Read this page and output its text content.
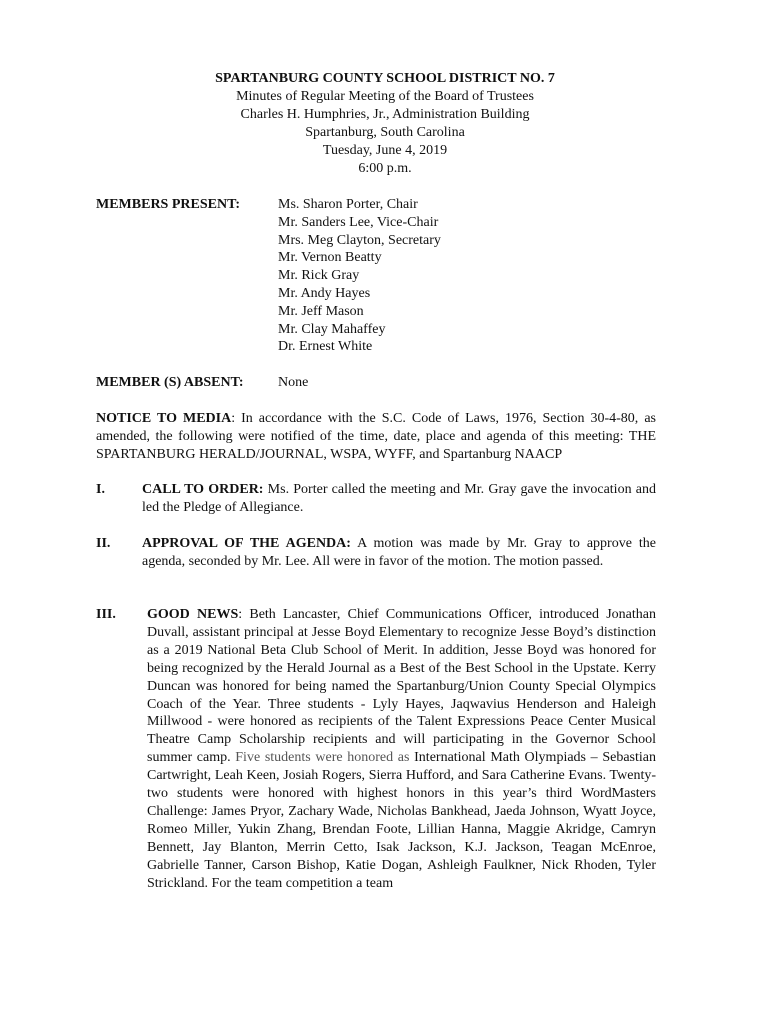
SPARTANBURG COUNTY SCHOOL DISTRICT NO. 7
Minutes of Regular Meeting of the Board of Trustees
Charles H. Humphries, Jr., Administration Building
Spartanburg, South Carolina
Tuesday, June 4, 2019
6:00 p.m.
MEMBERS PRESENT:	Ms. Sharon Porter, Chair
Mr. Sanders Lee, Vice-Chair
Mrs. Meg Clayton, Secretary
Mr. Vernon Beatty
Mr. Rick Gray
Mr. Andy Hayes
Mr. Jeff Mason
Mr. Clay Mahaffey
Dr. Ernest White
MEMBER (S) ABSENT: None
NOTICE TO MEDIA: In accordance with the S.C. Code of Laws, 1976, Section 30-4-80, as amended, the following were notified of the time, date, place and agenda of this meeting: THE SPARTANBURG HERALD/JOURNAL, WSPA, WYFF, and Spartanburg NAACP
I.	CALL TO ORDER: Ms. Porter called the meeting and Mr. Gray gave the invocation and led the Pledge of Allegiance.
II. APPROVAL OF THE AGENDA: A motion was made by Mr. Gray to approve the agenda, seconded by Mr. Lee. All were in favor of the motion. The motion passed.
III. GOOD NEWS: Beth Lancaster, Chief Communications Officer, introduced Jonathan Duvall, assistant principal at Jesse Boyd Elementary to recognize Jesse Boyd’s distinction as a 2019 National Beta Club School of Merit. In addition, Jesse Boyd was honored for being recognized by the Herald Journal as a Best of the Best School in the Upstate. Kerry Duncan was honored for being named the Spartanburg/Union County Special Olympics Coach of the Year. Three students - Lyly Hayes, Jaqwavius Henderson and Haleigh Millwood - were honored as recipients of the Talent Expressions Peace Center Musical Theatre Camp Scholarship recipients and will participating in the Governor School summer camp. Five students were honored as International Math Olympiads – Sebastian Cartwright, Leah Keen, Josiah Rogers, Sierra Hufford, and Sara Catherine Evans. Twenty-two students were honored with highest honors in this year’s third WordMasters Challenge: James Pryor, Zachary Wade, Nicholas Bankhead, Jaeda Johnson, Wyatt Joyce, Romeo Miller, Yukin Zhang, Brendan Foote, Lillian Hanna, Maggie Akridge, Camryn Bennett, Jay Blanton, Merrin Cetto, Isak Jackson, K.J. Jackson, Teagan McEnroe, Gabrielle Tanner, Carson Bishop, Katie Dogan, Ashleigh Faulkner, Nick Rhoden, Tyler Strickland. For the team competition a team
